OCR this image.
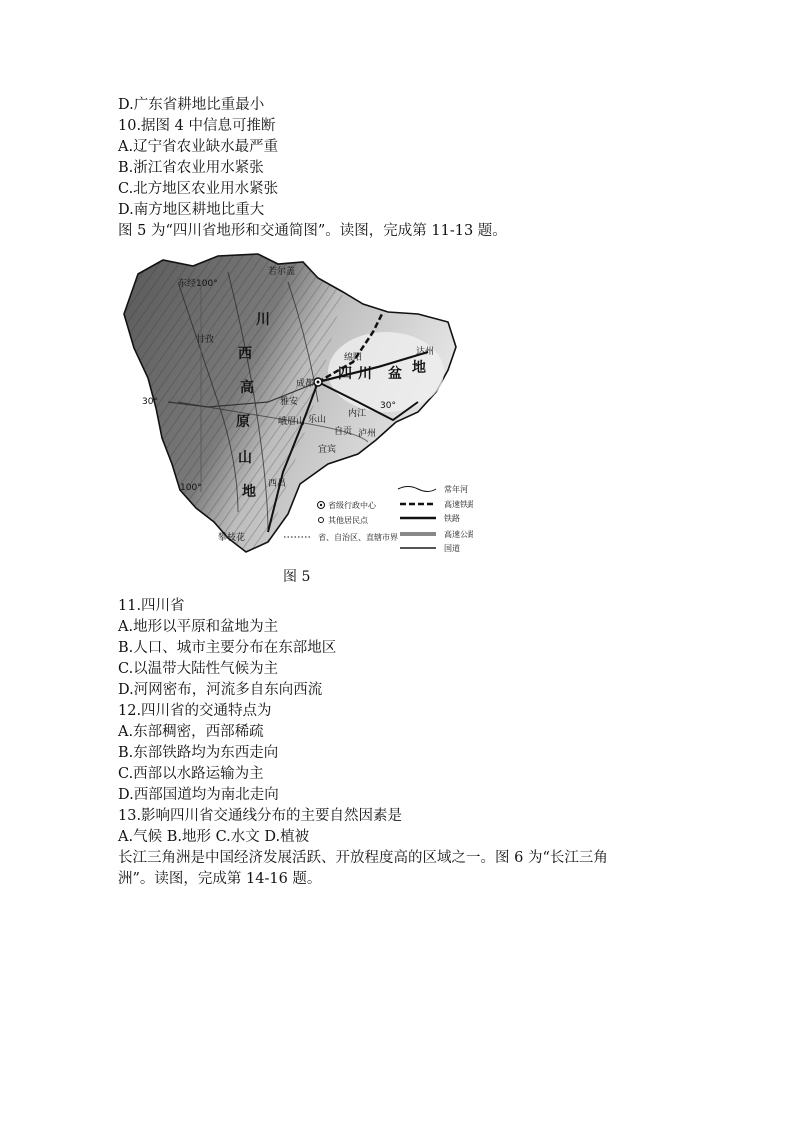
D.广东省耕地比重最小
10.据图 4 中信息可推断
A.辽宁省农业缺水最严重
B.浙江省农业用水紧张
C.北方地区农业用水紧张
D.南方地区耕地比重大
图 5 为“四川省地形和交通简图”。读图，完成第 11-13 题。
东经100°
30°	30°
100°
若尔盖
成都
绵阳
达州
甘孜
雅安
峨眉山 乐山
内江
自贡
宜宾
泸州
西昌
攀枝花
川
西
高
原
山
地
四 川 盆 地
省级行政中心
其他居民点
省、自治区、直辖市界
常年河
高速铁路
铁路
高速公路
国道
图 5
11.四川省
A.地形以平原和盆地为主
B.人口、城市主要分布在东部地区
C.以温带大陆性气候为主
D.河网密布，河流多自东向西流
12.四川省的交通特点为
A.东部稠密，西部稀疏
B.东部铁路均为东西走向
C.西部以水路运输为主
D.西部国道均为南北走向
13.影响四川省交通线分布的主要自然因素是
A.气候 B.地形 C.水文 D.植被
长江三角洲是中国经济发展活跃、开放程度高的区域之一。图 6 为“长江三角
洲”。读图，完成第 14-16 题。
